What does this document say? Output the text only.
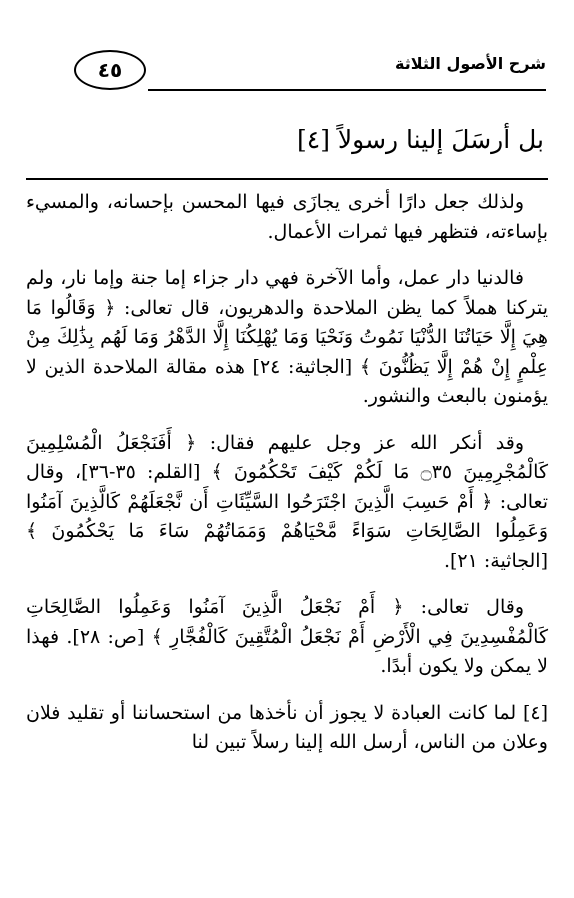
شرح الأصول الثلاثة
٤٥
بل أرسَلَ إلينا رسولاً [٤]

ولذلك جعل دارًا أخرى يجازَى فيها المحسن بإحسانه، والمسيء بإساءته، فتظهر فيها ثمرات الأعمال.

فالدنيا دار عمل، وأما الآخرة فهي دار جزاء إما جنة وإما نار، ولم يتركنا هملاً كما يظن الملاحدة والدهريون، قال تعالى: ﴿ وَقَالُوا مَا هِيَ إِلَّا حَيَاتُنَا الدُّنْيَا نَمُوتُ وَنَحْيَا وَمَا يُهْلِكُنَا إِلَّا الدَّهْرُ وَمَا لَهُم بِذَٰلِكَ مِنْ عِلْمٍ إِنْ هُمْ إِلَّا يَظُنُّونَ ﴾ [الجاثية: ٢٤] هذه مقالة الملاحدة الذين لا يؤمنون بالبعث والنشور.

وقد أنكر الله عز وجل عليهم فقال: ﴿ أَفَنَجْعَلُ الْمُسْلِمِينَ كَالْمُجْرِمِينَ ۝٣٥ مَا لَكُمْ كَيْفَ تَحْكُمُونَ ﴾ [القلم: ٣٥-٣٦]، وقال تعالى: ﴿ أَمْ حَسِبَ الَّذِينَ اجْتَرَحُوا السَّيِّئَاتِ أَن نَّجْعَلَهُمْ كَالَّذِينَ آمَنُوا وَعَمِلُوا الصَّالِحَاتِ سَوَاءً مَّحْيَاهُمْ وَمَمَاتُهُمْ سَاءَ مَا يَحْكُمُونَ ﴾ [الجاثية: ٢١].

وقال تعالى: ﴿ أَمْ نَجْعَلُ الَّذِينَ آمَنُوا وَعَمِلُوا الصَّالِحَاتِ كَالْمُفْسِدِينَ فِي الْأَرْضِ أَمْ نَجْعَلُ الْمُتَّقِينَ كَالْفُجَّارِ ﴾ [ص: ٢٨]. فهذا لا يمكن ولا يكون أبدًا.

[٤] لما كانت العبادة لا يجوز أن نأخذها من استحساننا أو تقليد فلان وعلان من الناس، أرسل الله إلينا رسلاً تبين لنا
